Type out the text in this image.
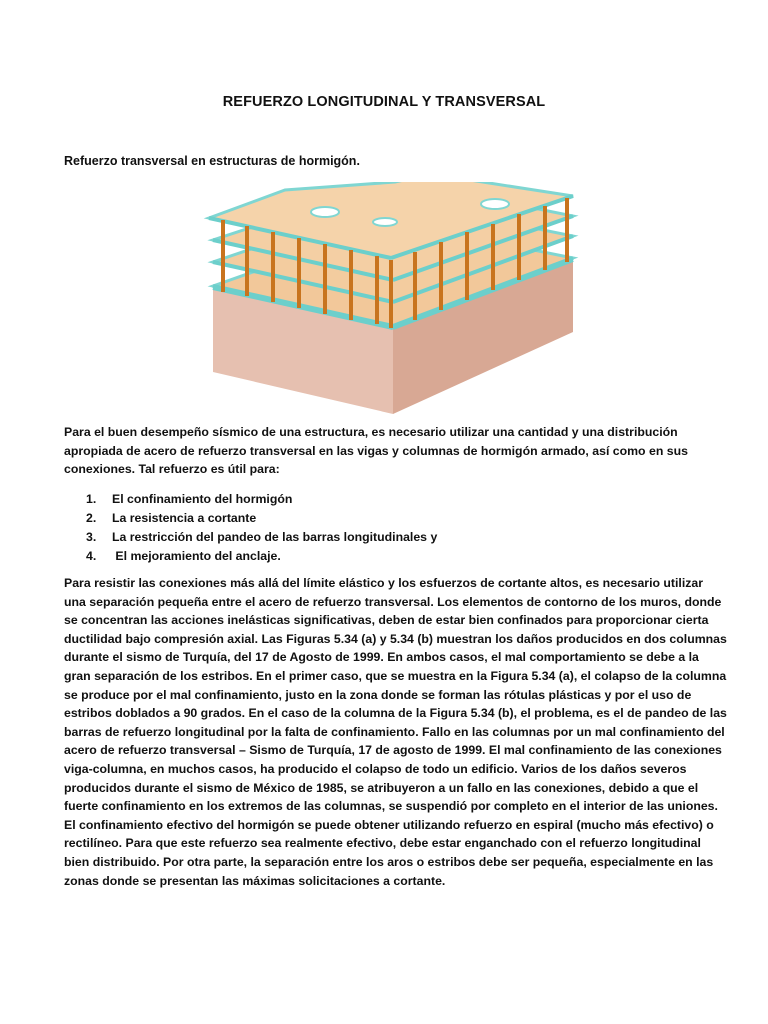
REFUERZO LONGITUDINAL Y TRANSVERSAL
Refuerzo transversal en estructuras de hormigón.
Para el buen desempeño sísmico de una estructura, es necesario utilizar una cantidad y una distribución apropiada de acero de refuerzo transversal en las vigas y columnas de hormigón armado, así como en sus conexiones. Tal refuerzo es útil para:
1.	El confinamiento del hormigón
2.	La resistencia a cortante
3.	La restricción del pandeo de las barras longitudinales y
4.	El mejoramiento del anclaje.
Para resistir las conexiones más allá del límite elástico y los esfuerzos de cortante altos, es necesario utilizar una separación pequeña entre el acero de refuerzo transversal. Los elementos de contorno de los muros, donde se concentran las acciones inelásticas significativas, deben de estar bien confinados para proporcionar cierta ductilidad bajo compresión axial. Las Figuras 5.34 (a) y 5.34 (b) muestran los daños producidos en dos columnas durante el sismo de Turquía, del 17 de Agosto de 1999. En ambos casos, el mal comportamiento se debe a la gran separación de los estribos. En el primer caso, que se muestra en la Figura 5.34 (a), el colapso de la columna se produce por el mal confinamiento, justo en la zona donde se forman las rótulas plásticas y por el uso de estribos doblados a 90 grados. En el caso de la columna de la Figura 5.34 (b), el problema, es el de pandeo de las barras de refuerzo longitudinal por la falta de confinamiento. Fallo en las columnas por un mal confinamiento del acero de refuerzo transversal – Sismo de Turquía, 17 de agosto de 1999. El mal confinamiento de las conexiones viga-columna, en muchos casos, ha producido el colapso de todo un edificio. Varios de los daños severos producidos durante el sismo de México de 1985, se atribuyeron a un fallo en las conexiones, debido a que el fuerte confinamiento en los extremos de las columnas, se suspendió por completo en el interior de las uniones. El confinamiento efectivo del hormigón se puede obtener utilizando refuerzo en espiral (mucho más efectivo) o rectilíneo. Para que este refuerzo sea realmente efectivo, debe estar enganchado con el refuerzo longitudinal bien distribuido. Por otra parte, la separación entre los aros o estribos debe ser pequeña, especialmente en las zonas donde se presentan las máximas solicitaciones a cortante.
